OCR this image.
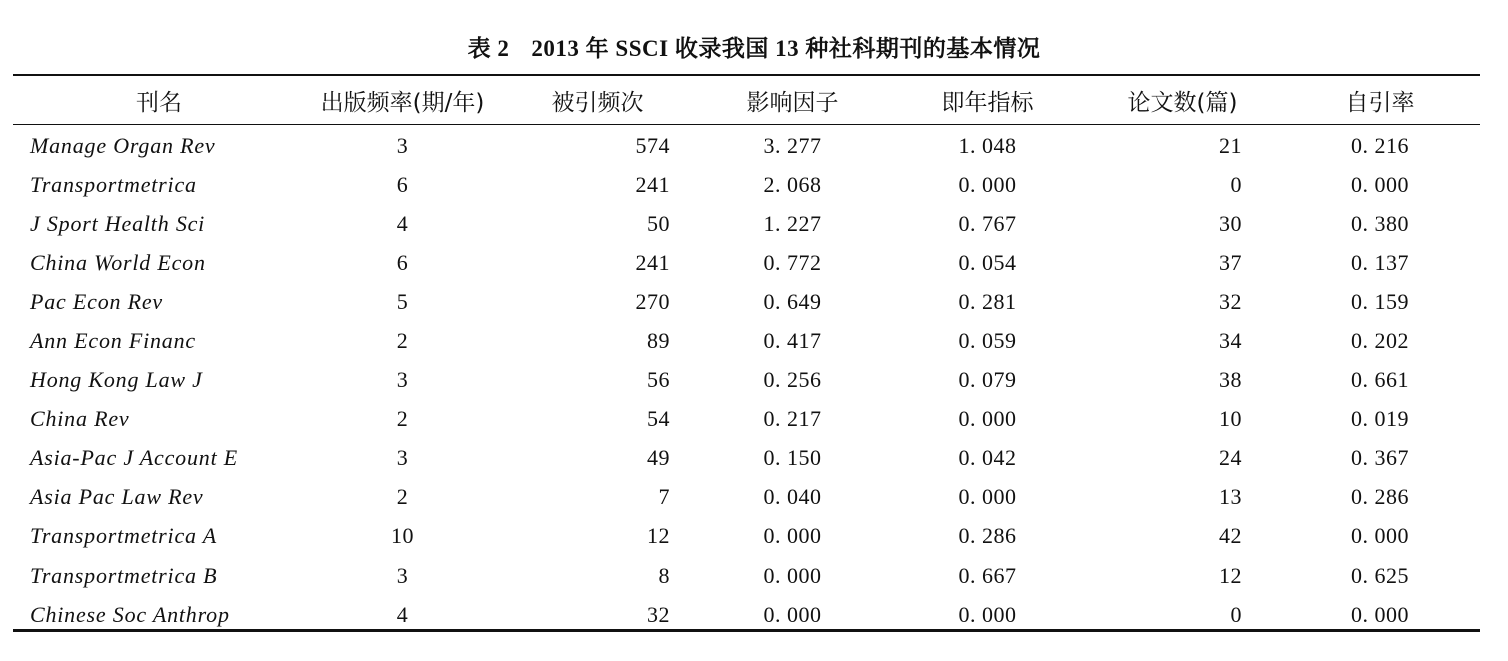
表 2 2013 年 SSCI 收录我国 13 种社科期刊的基本情况
刊名	出版频率(期/年)	被引频次	影响因子	即年指标	论文数(篇)	自引率
Manage Organ Rev	3	574	3. 277	1. 048	21	0. 216
Transportmetrica	6	241	2. 068	0. 000	0	0. 000
J Sport Health Sci	4	50	1. 227	0. 767	30	0. 380
China World Econ	6	241	0. 772	0. 054	37	0. 137
Pac Econ Rev	5	270	0. 649	0. 281	32	0. 159
Ann Econ Financ	2	89	0. 417	0. 059	34	0. 202
Hong Kong Law J	3	56	0. 256	0. 079	38	0. 661
China Rev	2	54	0. 217	0. 000	10	0. 019
Asia-Pac J Account E	3	49	0. 150	0. 042	24	0. 367
Asia Pac Law Rev	2	7	0. 040	0. 000	13	0. 286
Transportmetrica A	10	12	0. 000	0. 286	42	0. 000
Transportmetrica B	3	8	0. 000	0. 667	12	0. 625
Chinese Soc Anthrop	4	32	0. 000	0. 000	0	0. 000
